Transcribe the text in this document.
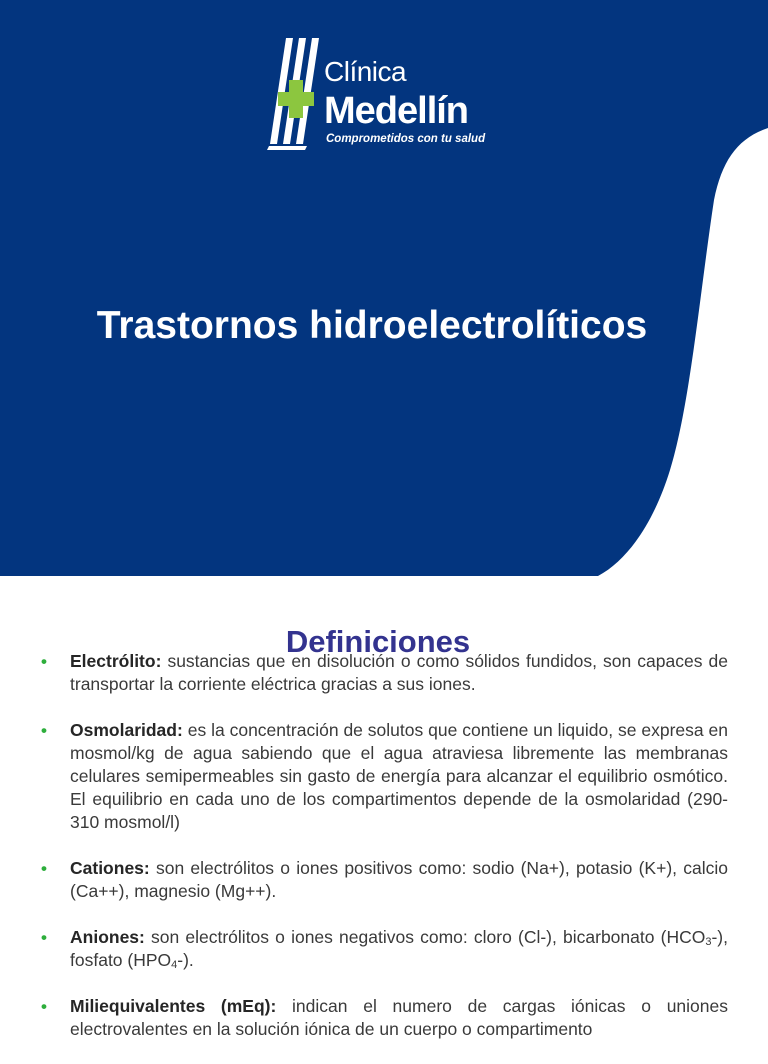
Clínica
Medellín
Comprometidos con tu salud
Trastornos hidroelectrolíticos
Definiciones
• Electrólito: sustancias que en disolución o como sólidos fundidos, son capaces de transportar la corriente eléctrica gracias a sus iones.
• Osmolaridad: es la concentración de solutos que contiene un liquido, se expresa en mosmol/kg de agua sabiendo que el agua atraviesa libremente las membranas celulares semipermeables sin gasto de energía para alcanzar el equilibrio osmótico. El equilibrio en cada uno de los compartimentos depende de la osmolaridad (290-310 mosmol/l)
• Cationes: son electrólitos o iones positivos como: sodio (Na+), potasio (K+), calcio (Ca++), magnesio (Mg++).
• Aniones: son electrólitos o iones negativos como: cloro (Cl-), bicarbonato $(HCO_3-)$, fosfato $(HPO_4-)$.
• Miliequivalentes (mEq): indican el numero de cargas iónicas o uniones electrovalentes en la solución iónica de un cuerpo o compartimento
